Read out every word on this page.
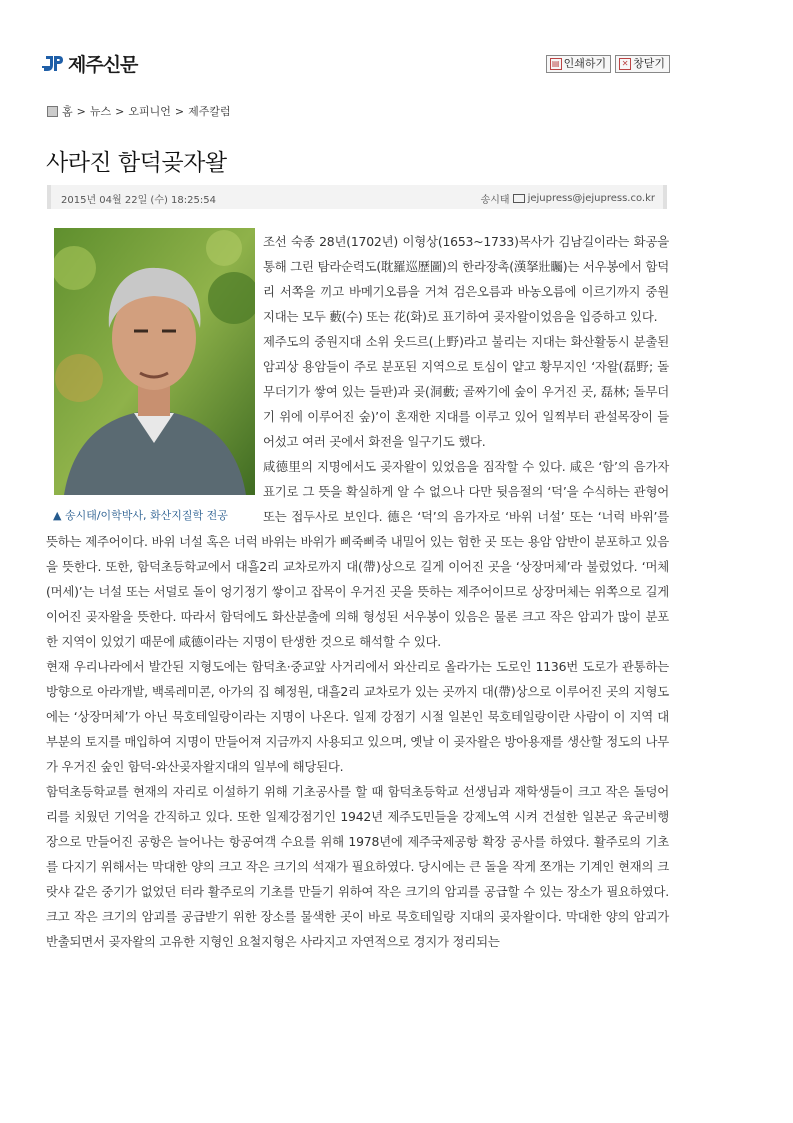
제주신문	▤ 인쇄하기	✕ 창닫기
홈 > 뉴스 > 오피니언 > 제주칼럼
사라진 함덕곶자왈
2015년 04월 22일 (수) 18:25:54	송시태 jejupress@jejupress.co.kr
▲ 송시태/이학박사, 화산지질학 전공

조선 숙종 28년(1702년) 이형상(1653~1733)목사가 김남길이라는 화공을 통해 그린 탐라순력도(耽羅巡歷圖)의 한라장촉(漢拏壯矚)는 서우봉에서 함덕리 서쪽을 끼고 바메기오름을 거쳐 검은오름과 바농오름에 이르기까지 중원지대는 모두 藪(수) 또는 花(화)로 표기하여 곶자왈이었음을 입증하고 있다.

제주도의 중원지대 소위 웃드르(上野)라고 불리는 지대는 화산활동시 분출된 암괴상 용암들이 주로 분포된 지역으로 토심이 얕고 황무지인 ‘자왈(磊野; 돌무더기가 쌓여 있는 들판)과 곶(洞藪; 골짜기에 숲이 우거진 곳, 磊林; 돌무더기 위에 이루어진 숲)’이 혼재한 지대를 이루고 있어 일찍부터 관설목장이 들어섰고 여러 곳에서 화전을 일구기도 했다.

咸德里의 지명에서도 곶자왈이 있었음을 짐작할 수 있다. 咸은 ‘함’의 음가자 표기로 그 뜻을 확실하게 알 수 없으나 다만 뒷음절의 ‘덕’을 수식하는 관형어 또는 접두사로 보인다. 德은 ‘덕’의 음가자로 ‘바위 너설’ 또는 ‘너럭 바위’를 뜻하는 제주어이다. 바위 너설 혹은 너럭 바위는 바위가 삐죽삐죽 내밀어 있는 험한 곳 또는 용암 암반이 분포하고 있음을 뜻한다. 또한, 함덕초등학교에서 대흘2리 교차로까지 대(帶)상으로 길게 이어진 곳을 ‘상장머체’라 불렀었다. ‘머체(머세)’는 너설 또는 서덜로 돌이 엉기정기 쌓이고 잡목이 우거진 곳을 뜻하는 제주어이므로 상장머체는 위쪽으로 길게 이어진 곶자왈을 뜻한다. 따라서 함덕에도 화산분출에 의해 형성된 서우봉이 있음은 물론 크고 작은 암괴가 많이 분포한 지역이 있었기 때문에 咸德이라는 지명이 탄생한 것으로 해석할 수 있다.

현재 우리나라에서 발간된 지형도에는 함덕초·중교앞 사거리에서 와산리로 올라가는 도로인 1136번 도로가 관통하는 방향으로 아라개발, 백록레미콘, 아가의 집 혜정원, 대흘2리 교차로가 있는 곳까지 대(帶)상으로 이루어진 곳의 지형도에는 ‘상장머체’가 아닌 묵호테일랑이라는 지명이 나온다. 일제 강점기 시절 일본인 묵호테일랑이란 사람이 이 지역 대부분의 토지를 매입하여 지명이 만들어져 지금까지 사용되고 있으며, 옛날 이 곶자왈은 방아용재를 생산할 정도의 나무가 우거진 숲인 함덕-와산곶자왈지대의 일부에 해당된다.

함덕초등학교를 현재의 자리로 이설하기 위해 기초공사를 할 때 함덕초등학교 선생님과 재학생들이 크고 작은 돌덩어리를 치웠던 기억을 간직하고 있다. 또한 일제강점기인 1942년 제주도민들을 강제노역 시켜 건설한 일본군 육군비행장으로 만들어진 공항은 늘어나는 항공여객 수요를 위해 1978년에 제주국제공항 확장 공사를 하였다. 활주로의 기초를 다지기 위해서는 막대한 양의 크고 작은 크기의 석재가 필요하였다. 당시에는 큰 돌을 작게 쪼개는 기계인 현재의 크랏샤 같은 중기가 없었던 터라 활주로의 기초를 만들기 위하여 작은 크기의 암괴를 공급할 수 있는 장소가 필요하였다. 크고 작은 크기의 암괴를 공급받기 위한 장소를 물색한 곳이 바로 묵호테일랑 지대의 곶자왈이다. 막대한 양의 암괴가 반출되면서 곶자왈의 고유한 지형인 요철지형은 사라지고 자연적으로 경지가 정리되는
